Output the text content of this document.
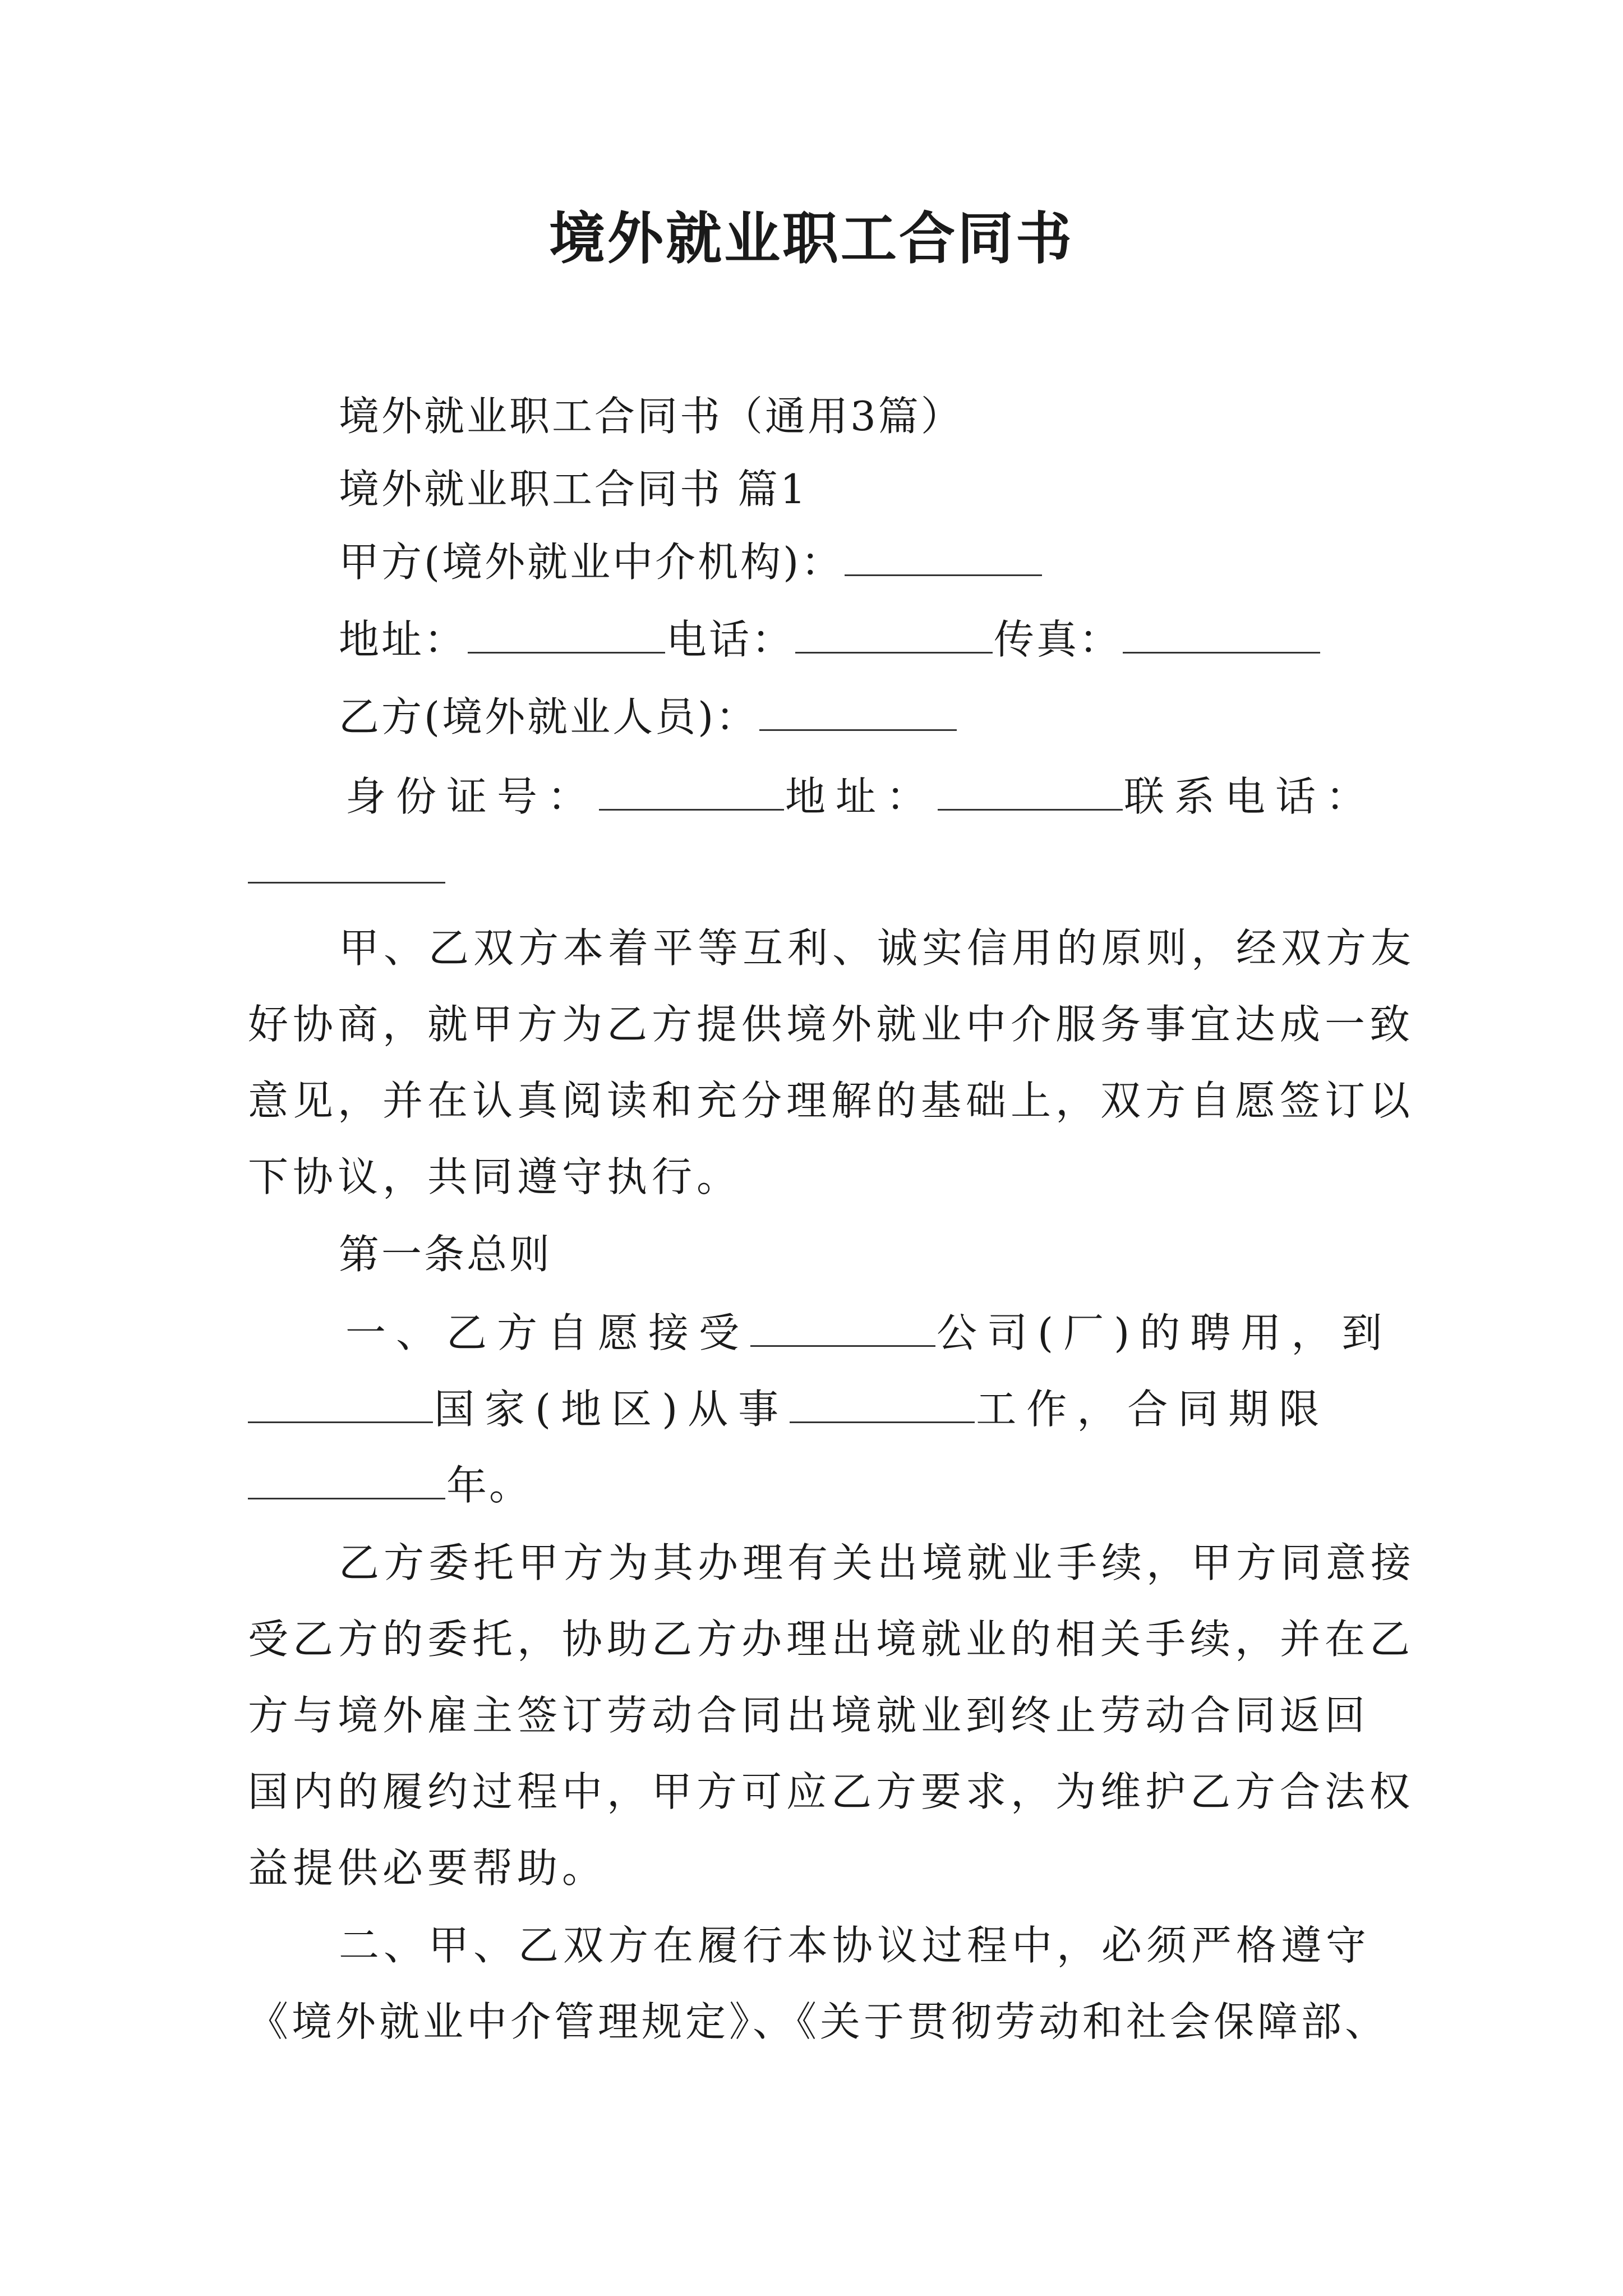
境外就业职工合同书
境外就业职工合同书（通用3篇）
境外就业职工合同书 篇1
甲方(境外就业中介机构)：
地址：	电话：	传真：
乙方(境外就业人员)：
身份证号：	地址：	联系电话：
甲、乙双方本着平等互利、诚实信用的原则，经双方友
好协商，就甲方为乙方提供境外就业中介服务事宜达成一致
意见，并在认真阅读和充分理解的基础上，双方自愿签订以
下协议，共同遵守执行。
第一条总则
一、乙方自愿接受	公司(厂)的聘用，到
国家(地区)从事	工作，合同期限
年。
乙方委托甲方为其办理有关出境就业手续，甲方同意接
受乙方的委托，协助乙方办理出境就业的相关手续，并在乙
方与境外雇主签订劳动合同出境就业到终止劳动合同返回
国内的履约过程中，甲方可应乙方要求，为维护乙方合法权
益提供必要帮助。
二、甲、乙双方在履行本协议过程中，必须严格遵守
《境外就业中介管理规定》、《关于贯彻劳动和社会保障部、
